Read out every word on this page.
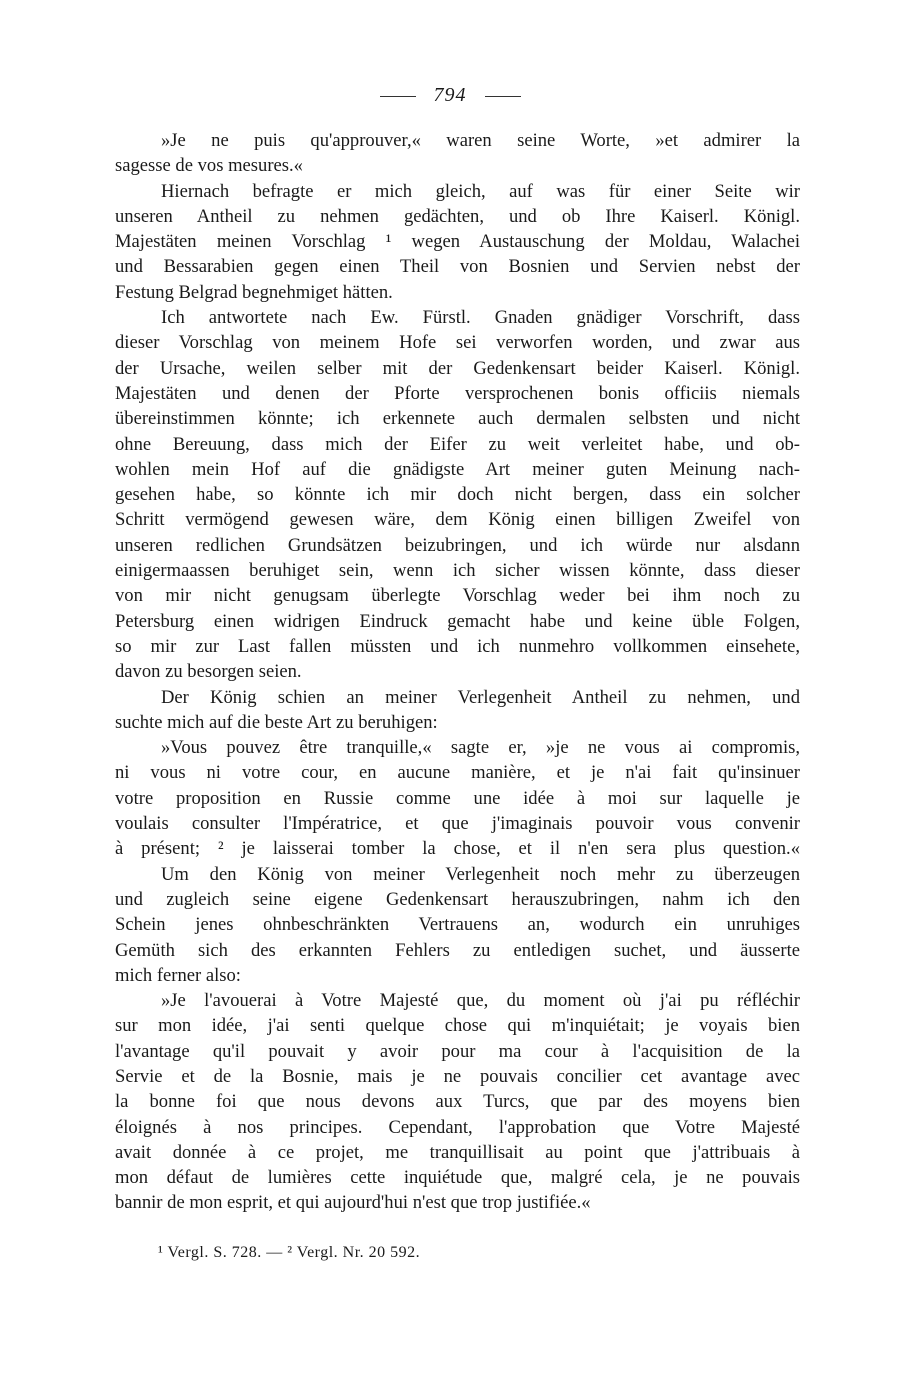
794
»Je ne puis qu'approuver,« waren seine Worte, »et admirer la
sagesse de vos mesures.«
Hiernach befragte er mich gleich, auf was für einer Seite wir
unseren Antheil zu nehmen gedächten, und ob Ihre Kaiserl. Königl.
Majestäten meinen Vorschlag ¹ wegen Austauschung der Moldau, Walachei
und Bessarabien gegen einen Theil von Bosnien und Servien nebst der
Festung Belgrad begnehmiget hätten.
Ich antwortete nach Ew. Fürstl. Gnaden gnädiger Vorschrift, dass
dieser Vorschlag von meinem Hofe sei verworfen worden, und zwar aus
der Ursache, weilen selber mit der Gedenkensart beider Kaiserl. Königl.
Majestäten und denen der Pforte versprochenen bonis officiis niemals
übereinstimmen könnte; ich erkennete auch dermalen selbsten und nicht
ohne Bereuung, dass mich der Eifer zu weit verleitet habe, und ob-
wohlen mein Hof auf die gnädigste Art meiner guten Meinung nach-
gesehen habe, so könnte ich mir doch nicht bergen, dass ein solcher
Schritt vermögend gewesen wäre, dem König einen billigen Zweifel von
unseren redlichen Grundsätzen beizubringen, und ich würde nur alsdann
einigermaassen beruhiget sein, wenn ich sicher wissen könnte, dass dieser
von mir nicht genugsam überlegte Vorschlag weder bei ihm noch zu
Petersburg einen widrigen Eindruck gemacht habe und keine üble Folgen,
so mir zur Last fallen müssten und ich nunmehro vollkommen einsehete,
davon zu besorgen seien.
Der König schien an meiner Verlegenheit Antheil zu nehmen, und
suchte mich auf die beste Art zu beruhigen:
»Vous pouvez être tranquille,« sagte er, »je ne vous ai compromis,
ni vous ni votre cour, en aucune manière, et je n'ai fait qu'insinuer
votre proposition en Russie comme une idée à moi sur laquelle je
voulais consulter l'Impératrice, et que j'imaginais pouvoir vous convenir
à présent; ² je laisserai tomber la chose, et il n'en sera plus question.«
Um den König von meiner Verlegenheit noch mehr zu überzeugen
und zugleich seine eigene Gedenkensart herauszubringen, nahm ich den
Schein jenes ohnbeschränkten Vertrauens an, wodurch ein unruhiges
Gemüth sich des erkannten Fehlers zu entledigen suchet, und äusserte
mich ferner also:
»Je l'avouerai à Votre Majesté que, du moment où j'ai pu réfléchir
sur mon idée, j'ai senti quelque chose qui m'inquiétait; je voyais bien
l'avantage qu'il pouvait y avoir pour ma cour à l'acquisition de la
Servie et de la Bosnie, mais je ne pouvais concilier cet avantage avec
la bonne foi que nous devons aux Turcs, que par des moyens bien
éloignés à nos principes. Cependant, l'approbation que Votre Majesté
avait donnée à ce projet, me tranquillisait au point que j'attribuais à
mon défaut de lumières cette inquiétude que, malgré cela, je ne pouvais
bannir de mon esprit, et qui aujourd'hui n'est que trop justifiée.«
¹ Vergl. S. 728. — ² Vergl. Nr. 20 592.
